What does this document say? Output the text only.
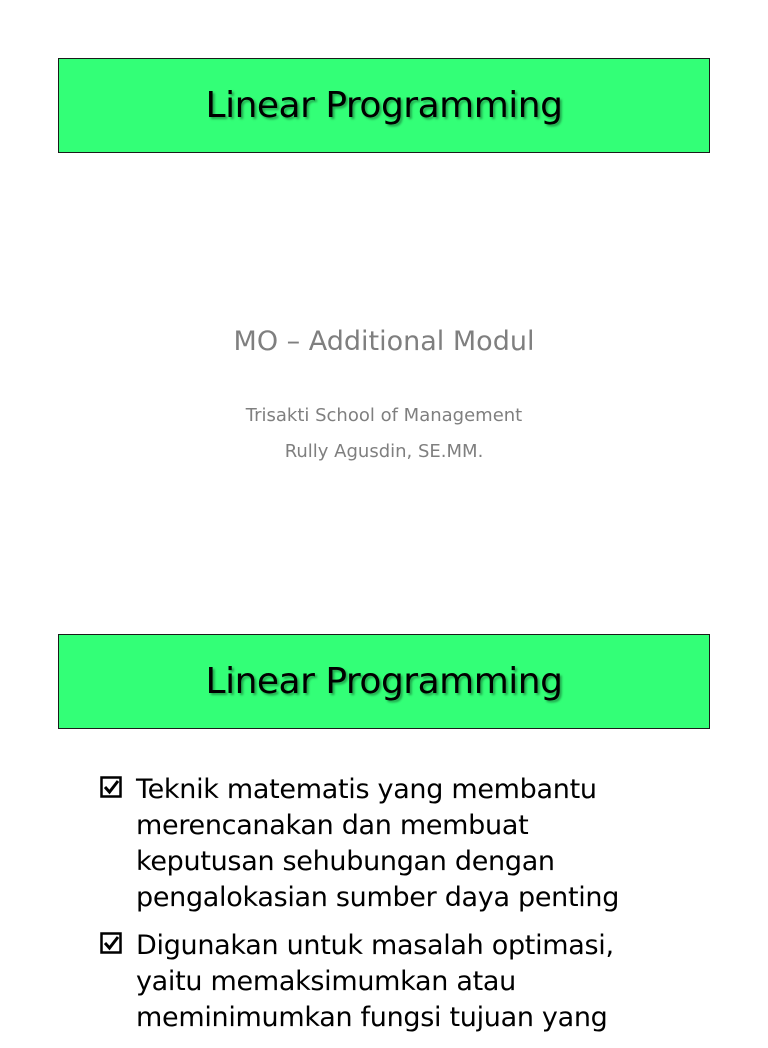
Linear Programming
MO – Additional Modul
Trisakti School of Management
Rully Agusdin, SE.MM.
Linear Programming
Teknik matematis yang membantu merencanakan dan membuat keputusan sehubungan dengan pengalokasian sumber daya penting
Digunakan untuk masalah optimasi, yaitu memaksimumkan atau meminimumkan fungsi tujuan yang
